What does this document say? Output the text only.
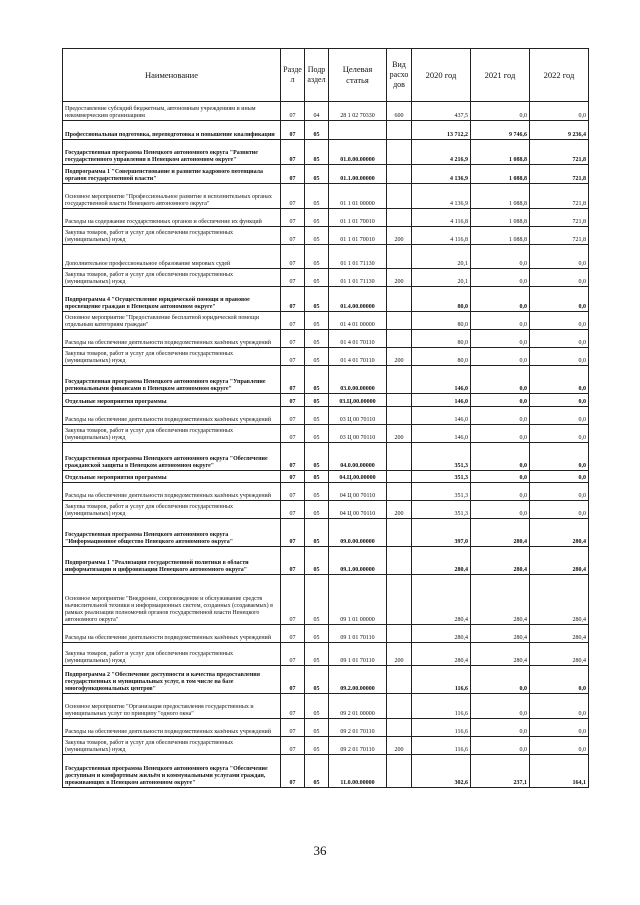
Наименование	Разде л	Подр аздел	Целевая статья	Вид расхо дов	2020 год	2021 год	2022 год
Предоставление субсидий бюджетным, автономным учреждениям и иным некоммерческим организациям	07	04	28 1 02 70330	600	437,5	0,0	0,0
Профессиональная подготовка, переподготовка и повышение квалификации	07	05			13 712,2	9 746,6	9 236,4
Государственная программа Ненецкого автономного округа "Развитие государственного управления в Ненецком автономном округе"	07	05	01.0.00.00000		4 216,9	1 088,8	721,8
Подпрограмма 1 "Совершенствование и развитие кадрового потенциала органов государственной власти"	07	05	01.1.00.00000		4 136,9	1 088,8	721,8
Основное мероприятие "Профессиональное развитие в исполнительных органах государственной власти Ненецкого автономного округа"	07	05	01 1 01 00000		4 136,9	1 088,8	721,8
Расходы на содержание государственных органов и обеспечение их функций	07	05	01 1 01 70010		4 116,8	1 088,8	721,8
Закупка товаров, работ и услуг для обеспечения государственных (муниципальных) нужд	07	05	01 1 01 70010	200	4 116,8	1 088,8	721,8
Дополнительное профессиональное образование мировых судей	07	05	01 1 01 71130		20,1	0,0	0,0
Закупка товаров, работ и услуг для обеспечения государственных (муниципальных) нужд	07	05	01 1 01 71130	200	20,1	0,0	0,0
Подпрограмма 4 "Осуществление юридической помощи и правовое просвещение граждан в Ненецком автономном округе"	07	05	01.4.00.00000		80,0	0,0	0,0
Основное мероприятие "Предоставление бесплатной юридической помощи отдельным категориям граждан"	07	05	01 4 01 00000		80,0	0,0	0,0
Расходы на обеспечение деятельности подведомственных казённых учреждений	07	05	01 4 01 70110		80,0	0,0	0,0
Закупка товаров, работ и услуг для обеспечения государственных (муниципальных) нужд	07	05	01 4 01 70110	200	80,0	0,0	0,0
Государственная программа Ненецкого автономного округа "Управление региональными финансами в Ненецком автономном округе"	07	05	03.0.00.00000		146,0	0,0	0,0
Отдельные мероприятия программы	07	05	03.Ц.00.00000		146,0	0,0	0,0
Расходы на обеспечение деятельности подведомственных казённых учреждений	07	05	03 Ц 00 70110		146,0	0,0	0,0
Закупка товаров, работ и услуг для обеспечения государственных (муниципальных) нужд	07	05	03 Ц 00 70110	200	146,0	0,0	0,0
Государственная программа Ненецкого автономного округа "Обеспечение гражданской защиты в Ненецком автономном округе"	07	05	04.0.00.00000		351,3	0,0	0,0
Отдельные мероприятия программы	07	05	04.Ц.00.00000		351,3	0,0	0,0
Расходы на обеспечение деятельности подведомственных казённых учреждений	07	05	04 Ц 00 70110		351,3	0,0	0,0
Закупка товаров, работ и услуг для обеспечения государственных (муниципальных) нужд	07	05	04 Ц 00 70110	200	351,3	0,0	0,0
Государственная программа Ненецкого автономного округа "Информационное общество Ненецкого автономного округа"	07	05	09.0.00.00000		397,0	280,4	280,4
Подпрограмма 1 "Реализация государственной политики в области информатизации и цифровизации Ненецкого автономного округа"	07	05	09.1.00.00000		280,4	280,4	280,4
Основное мероприятие "Внедрение, сопровождение и обслуживание средств вычислительной техники и информационных систем, созданных (создаваемых) в рамках реализации полномочий органов государственной власти Ненецкого автономного округа"	07	05	09 1 01 00000		280,4	280,4	280,4
Расходы на обеспечение деятельности подведомственных казённых учреждений	07	05	09 1 01 70110		280,4	280,4	280,4
Закупка товаров, работ и услуг для обеспечения государственных (муниципальных) нужд	07	05	09 1 01 70110	200	280,4	280,4	280,4
Подпрограмма 2 "Обеспечение доступности и качества предоставления государственных и муниципальных услуг, в том числе на базе многофункциональных центров"	07	05	09.2.00.00000		116,6	0,0	0,0
Основное мероприятие "Организация предоставления государственных и муниципальных услуг по принципу "одного окна"	07	05	09 2 01 00000		116,6	0,0	0,0
Расходы на обеспечение деятельности подведомственных казённых учреждений	07	05	09 2 01 70110		116,6	0,0	0,0
Закупка товаров, работ и услуг для обеспечения государственных (муниципальных) нужд	07	05	09 2 01 70110	200	116,6	0,0	0,0
Государственная программа Ненецкого автономного округа "Обеспечение доступным и комфортным жильём и коммунальными услугами граждан, проживающих в Ненецком автономном округе"	07	05	11.0.00.00000		302,6	237,1	164,1
36
